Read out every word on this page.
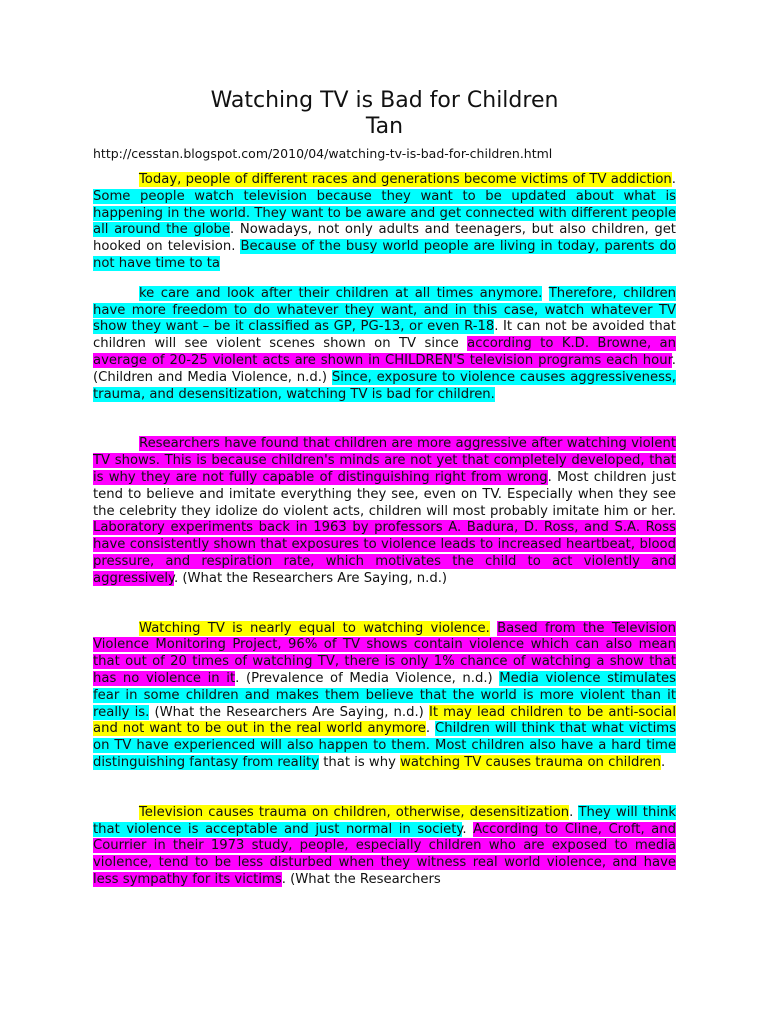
Watching TV is Bad for Children
Tan
http://cesstan.blogspot.com/2010/04/watching-tv-is-bad-for-children.html

Today, people of different races and generations become victims of TV addiction. Some people watch television because they want to be updated about what is happening in the world. They want to be aware and get connected with different people all around the globe. Nowadays, not only adults and teenagers, but also children, get hooked on television. Because of the busy world people are living in today, parents do not have time to ta

ke care and look after their children at all times anymore. Therefore, children have more freedom to do whatever they want, and in this case, watch whatever TV show they want – be it classified as GP, PG-13, or even R-18. It can not be avoided that children will see violent scenes shown on TV since according to K.D. Browne, an average of 20-25 violent acts are shown in CHILDREN'S television programs each hour. (Children and Media Violence, n.d.) Since, exposure to violence causes aggressiveness, trauma, and desensitization, watching TV is bad for children.

Researchers have found that children are more aggressive after watching violent TV shows. This is because children's minds are not yet that completely developed, that is why they are not fully capable of distinguishing right from wrong. Most children just tend to believe and imitate everything they see, even on TV. Especially when they see the celebrity they idolize do violent acts, children will most probably imitate him or her. Laboratory experiments back in 1963 by professors A. Badura, D. Ross, and S.A. Ross have consistently shown that exposures to violence leads to increased heartbeat, blood pressure, and respiration rate, which motivates the child to act violently and aggressively. (What the Researchers Are Saying, n.d.)

Watching TV is nearly equal to watching violence. Based from the Television Violence Monitoring Project, 96% of TV shows contain violence which can also mean that out of 20 times of watching TV, there is only 1% chance of watching a show that has no violence in it. (Prevalence of Media Violence, n.d.) Media violence stimulates fear in some children and makes them believe that the world is more violent than it really is. (What the Researchers Are Saying, n.d.) It may lead children to be anti-social and not want to be out in the real world anymore. Children will think that what victims on TV have experienced will also happen to them. Most children also have a hard time distinguishing fantasy from reality that is why watching TV causes trauma on children.

Television causes trauma on children, otherwise, desensitization. They will think that violence is acceptable and just normal in society. According to Cline, Croft, and Courrier in their 1973 study, people, especially children who are exposed to media violence, tend to be less disturbed when they witness real world violence, and have less sympathy for its victims. (What the Researchers
